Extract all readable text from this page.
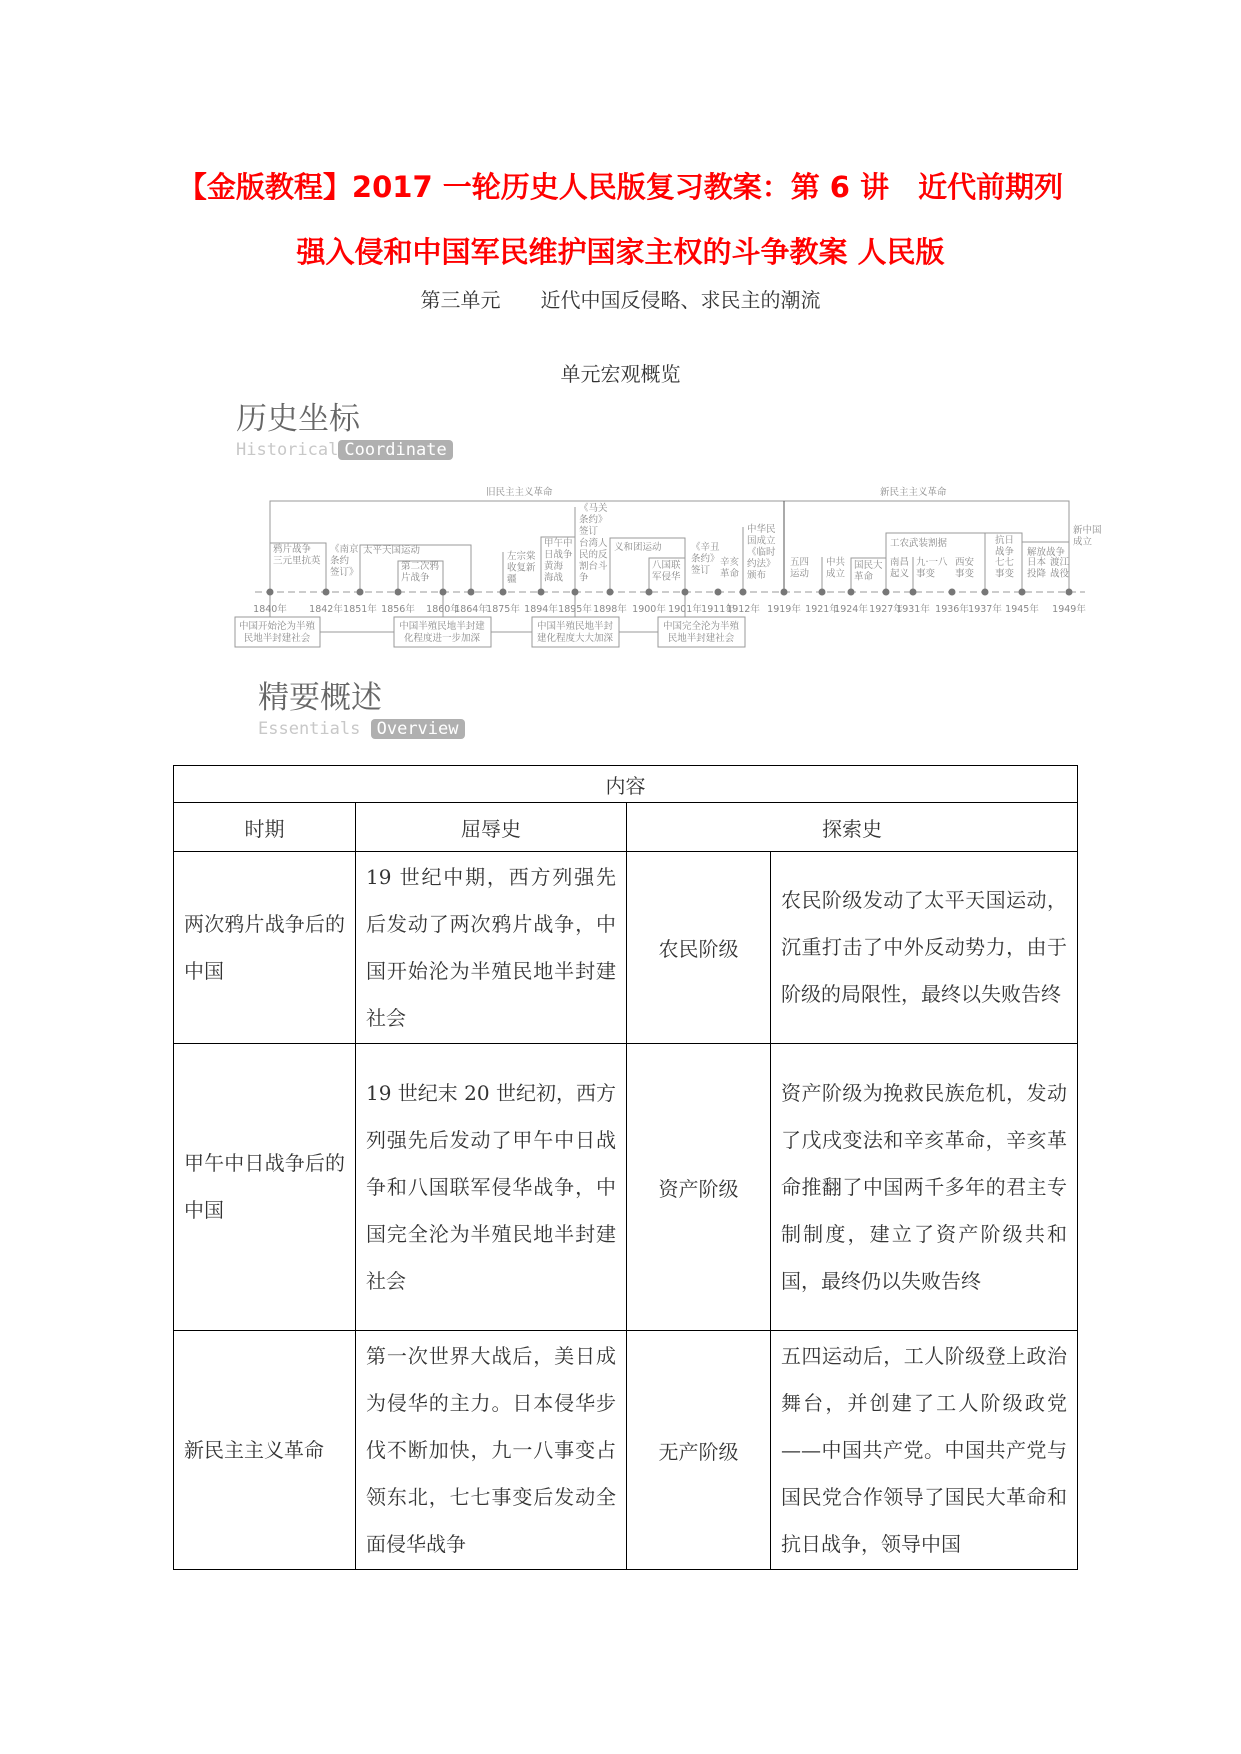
【金版教程】2017 一轮历史人民版复习教案：第 6 讲　近代前期列
强入侵和中国军民维护国家主权的斗争教案 人民版
第三单元　　近代中国反侵略、求民主的潮流
单元宏观概览
历史坐标
Historical Coordinate
1840年 1842年 1851年 1856年 1860年
1864年
1875年 1894年 1895年 1898年 1900年 1901年 1911年
1912年 1919年 1921年
1924年 1927年
1931年 1936年 1937年 1945年 1949年
旧民主主义革命	新民主主义革命
鸦片战争三元里抗英
《南京条约签订》
太平天国运动
第二次鸦片战争
左宗棠收复新疆
甲午中日战争黄海海战
《马关条约》签订
台湾人民的反割台斗争
义和团运动
八国联军侵华
《辛丑条约》签订
辛亥革命
中华民国成立《临时约法》颁布
五四运动
中共成立
国民大革命
工农武装割据
南昌起义
九·一八事变
西安事变
抗日战争
七七事变
解放战争
日本投降
渡江战役
新中国成立
中国开始沦为半殖民地半封建社会
中国半殖民地半封建化程度进一步加深
中国半殖民地半封建化程度大大加深
中国完全沦为半殖民地半封建社会
精要概述
Essentials Overview
内容			
时期	屈辱史	探索史	
两次鸦片战争后的中国	19 世纪中期，西方列强先后发动了两次鸦片战争，中国开始沦为半殖民地半封建社会	农民阶级	农民阶级发动了太平天国运动，沉重打击了中外反动势力，由于阶级的局限性，最终以失败告终
甲午中日战争后的中国	19 世纪末 20 世纪初，西方列强先后发动了甲午中日战争和八国联军侵华战争，中国完全沦为半殖民地半封建社会	资产阶级	资产阶级为挽救民族危机，发动了戊戌变法和辛亥革命，辛亥革命推翻了中国两千多年的君主专制制度，建立了资产阶级共和国，最终仍以失败告终
新民主主义革命	第一次世界大战后，美日成为侵华的主力。日本侵华步伐不断加快，九一八事变占领东北，七七事变后发动全面侵华战争	无产阶级	五四运动后，工人阶级登上政治舞台，并创建了工人阶级政党——中国共产党。中国共产党与国民党合作领导了国民大革命和抗日战争，领导中国
